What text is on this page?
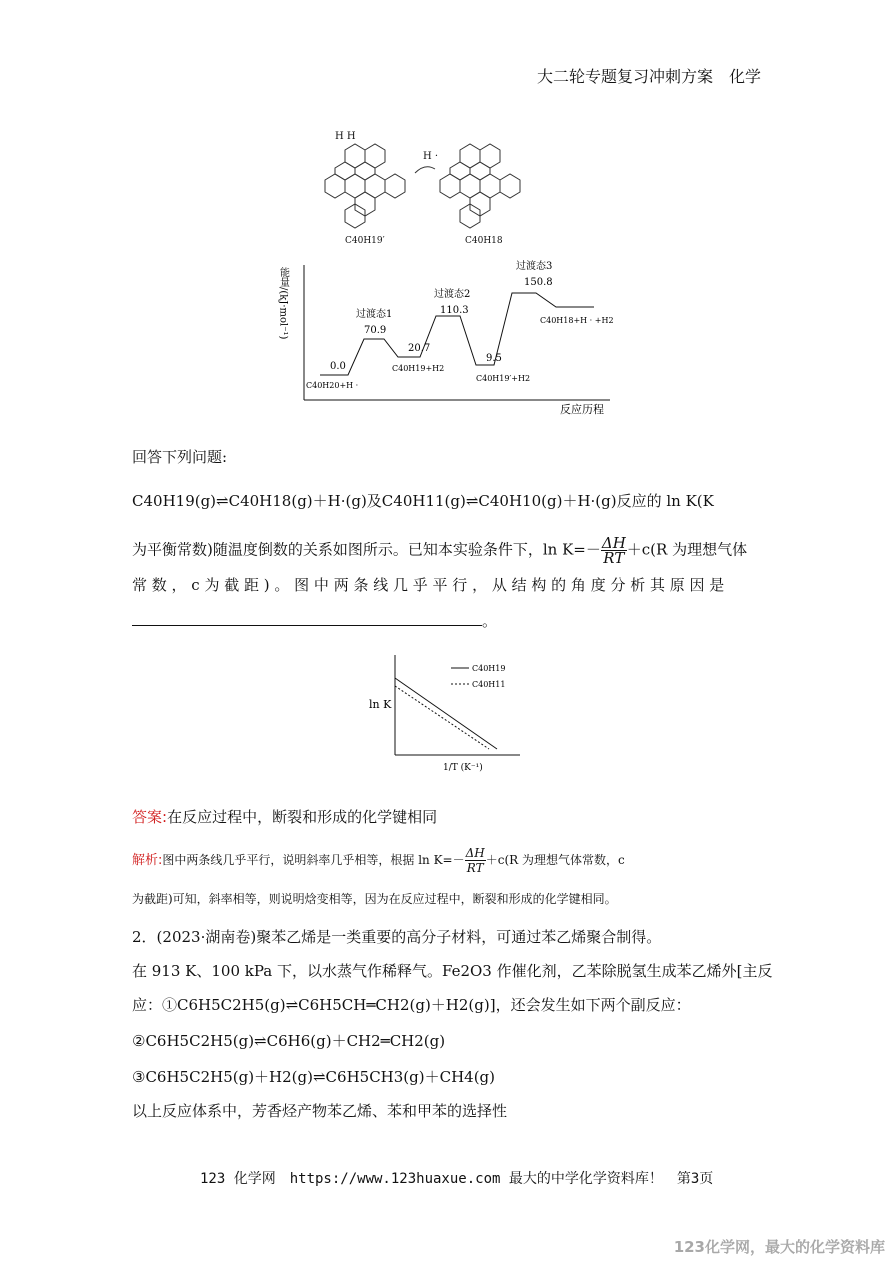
大二轮专题复习冲刺方案　化学
H H
H ·
C40H19′	C40H18
能量/(kJ·mol⁻¹)
反应历程
0.0
C40H20+H ·
过渡态1
70.9
20.7
C40H19+H2
过渡态2
110.3
9.5
C40H19′+H2
过渡态3
150.8
C40H18+H · +H2
回答下列问题:
C40H19(g)⇌C40H18(g)＋H·(g)及C40H11(g)⇌C40H10(g)＋H·(g)反应的 ln K(K
为平衡常数)随温度倒数的关系如图所示。已知本实验条件下，$\ln K=- \frac{\Delta H}{RT} +c(R$ 为理想气体
常 数 ， c 为 截 距 ) 。 图 中 两 条 线 几 乎 平 行 ， 从 结 构 的 角 度 分 析 其 原 因 是
。
ln K
1/T (K⁻¹)
C40H19
C40H11
答案:在反应过程中，断裂和形成的化学键相同
解析:图中两条线几乎平行，说明斜率几乎相等，根据 $\ln K=- \frac{\Delta H}{RT} +c(R$ 为理想气体常数，c
为截距)可知，斜率相等，则说明焓变相等，因为在反应过程中，断裂和形成的化学键相同。
2．(2023·湖南卷)聚苯乙烯是一类重要的高分子材料，可通过苯乙烯聚合制得。
在 913 K、100 kPa 下，以水蒸气作稀释气。Fe2O3 作催化剂，乙苯除脱氢生成苯乙烯外[主反
应：①C6H5C2H5(g)⇌C6H5CH═CH2(g)＋H2(g)]，还会发生如下两个副反应：
②C6H5C2H5(g)⇌C6H6(g)＋CH2═CH2(g)
③C6H5C2H5(g)＋H2(g)⇌C6H5CH3(g)＋CH4(g)
以上反应体系中，芳香烃产物苯乙烯、苯和甲苯的选择性
123 化学网　https://www.123huaxue.com 最大的中学化学资料库！　第3页
123化学网，最大的化学资料库
